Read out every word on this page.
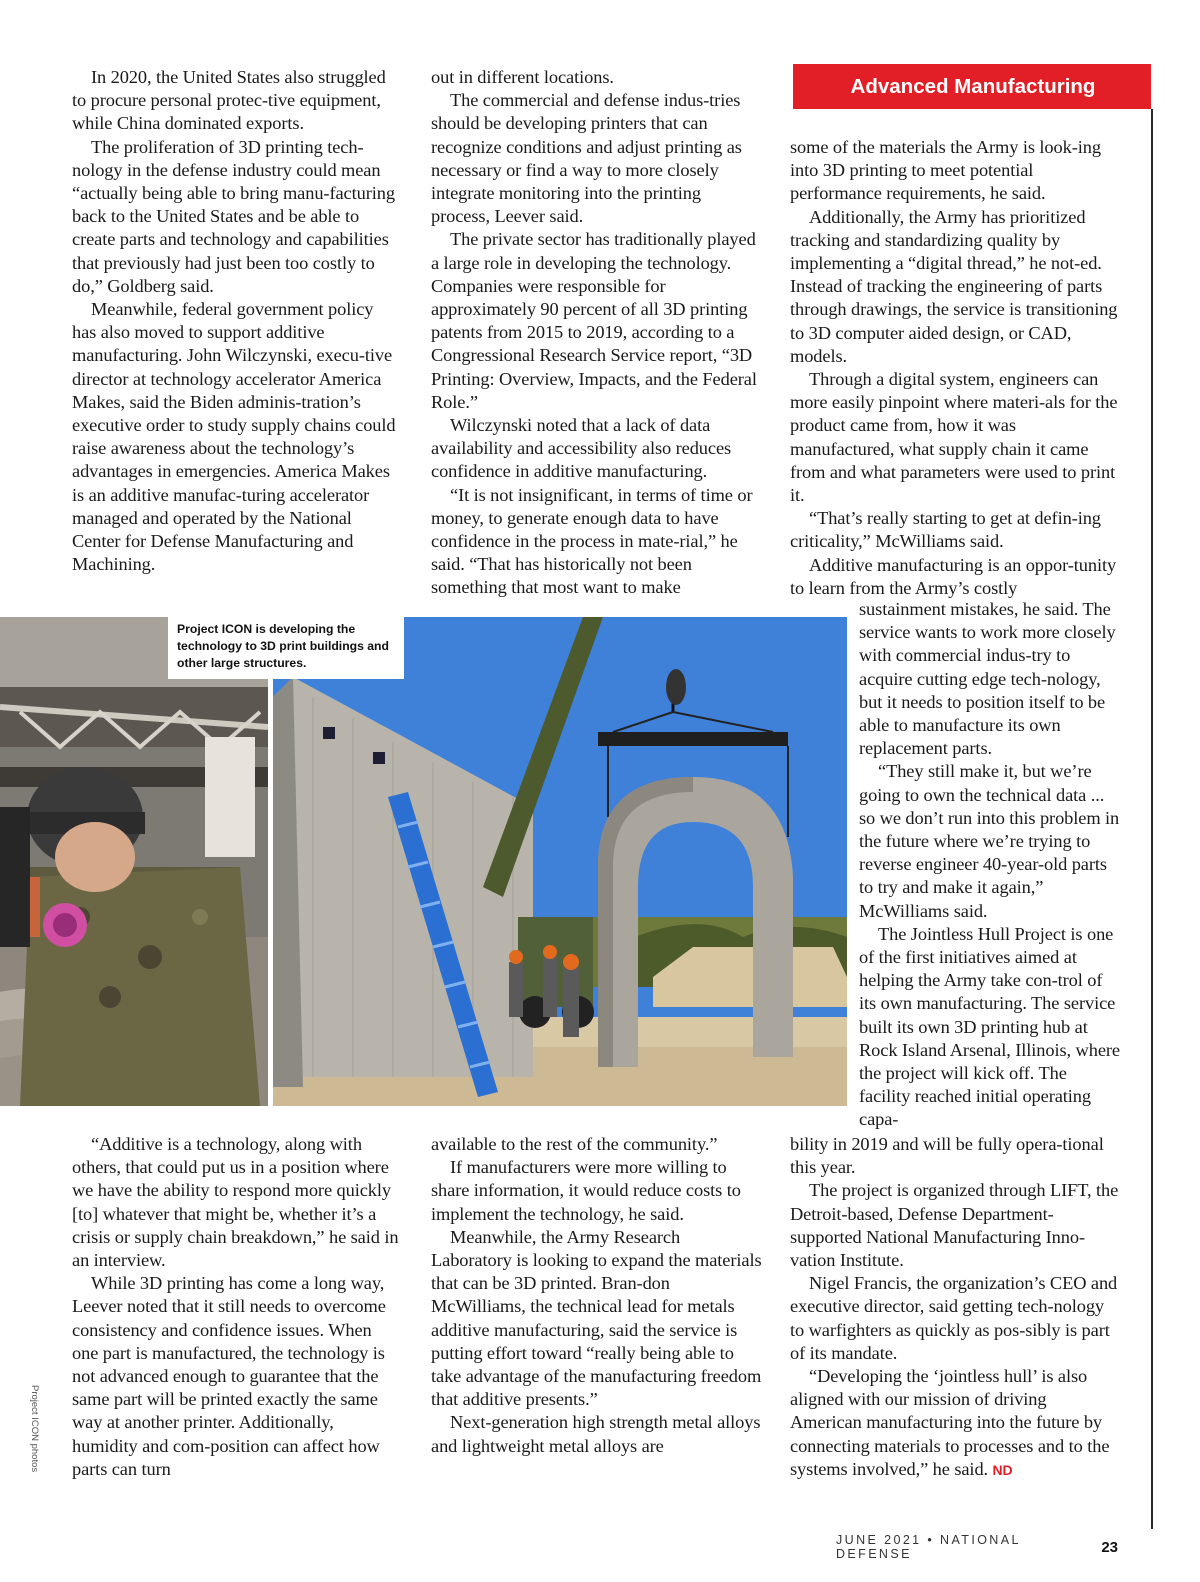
Advanced Manufacturing

In 2020, the United States also struggled to procure personal protec-tive equipment, while China dominated exports.

The proliferation of 3D printing tech-nology in the defense industry could mean “actually being able to bring manu-facturing back to the United States and be able to create parts and technology and capabilities that previously had just been too costly to do,” Goldberg said.

Meanwhile, federal government policy has also moved to support additive manufacturing. John Wilczynski, execu-tive director at technology accelerator America Makes, said the Biden adminis-tration’s executive order to study supply chains could raise awareness about the technology’s advantages in emergencies. America Makes is an additive manufac-turing accelerator managed and operated by the National Center for Defense Manufacturing and Machining.

out in different locations.

The commercial and defense indus-tries should be developing printers that can recognize conditions and adjust printing as necessary or find a way to more closely integrate monitoring into the printing process, Leever said.

The private sector has traditionally played a large role in developing the technology. Companies were responsible for approximately 90 percent of all 3D printing patents from 2015 to 2019, according to a Congressional Research Service report, “3D Printing: Overview, Impacts, and the Federal Role.”

Wilczynski noted that a lack of data availability and accessibility also reduces confidence in additive manufacturing.

“It is not insignificant, in terms of time or money, to generate enough data to have confidence in the process in mate-rial,” he said. “That has historically not been something that most want to make

some of the materials the Army is look-ing into 3D printing to meet potential performance requirements, he said.

Additionally, the Army has prioritized tracking and standardizing quality by implementing a “digital thread,” he not-ed. Instead of tracking the engineering of parts through drawings, the service is transitioning to 3D computer aided design, or CAD, models.

Through a digital system, engineers can more easily pinpoint where materi-als for the product came from, how it was manufactured, what supply chain it came from and what parameters were used to print it.

“That’s really starting to get at defin-ing criticality,” McWilliams said.

Additive manufacturing is an oppor-tunity to learn from the Army’s costly

sustainment mistakes, he said. The service wants to work more closely with commercial indus-try to acquire cutting edge tech-nology, but it needs to position itself to be able to manufacture its own replacement parts.

“They still make it, but we’re going to own the technical data ... so we don’t run into this problem in the future where we’re trying to reverse engineer 40-year-old parts to try and make it again,” McWilliams said.

The Jointless Hull Project is one of the first initiatives aimed at helping the Army take con-trol of its own manufacturing. The service built its own 3D printing hub at Rock Island Arsenal, Illinois, where the project will kick off. The facility reached initial operating capa-

Project ICON is developing the technology to 3D print buildings and other large structures.

“Additive is a technology, along with others, that could put us in a position where we have the ability to respond more quickly [to] whatever that might be, whether it’s a crisis or supply chain breakdown,” he said in an interview.

While 3D printing has come a long way, Leever noted that it still needs to overcome consistency and confidence issues. When one part is manufactured, the technology is not advanced enough to guarantee that the same part will be printed exactly the same way at another printer. Additionally, humidity and com-position can affect how parts can turn

available to the rest of the community.”

If manufacturers were more willing to share information, it would reduce costs to implement the technology, he said.

Meanwhile, the Army Research Laboratory is looking to expand the materials that can be 3D printed. Bran-don McWilliams, the technical lead for metals additive manufacturing, said the service is putting effort toward “really being able to take advantage of the manufacturing freedom that additive presents.”

Next-generation high strength metal alloys and lightweight metal alloys are

bility in 2019 and will be fully opera-tional this year.

The project is organized through LIFT, the Detroit-based, Defense Department-supported National Manufacturing Inno-vation Institute.

Nigel Francis, the organization’s CEO and executive director, said getting tech-nology to warfighters as quickly as pos-sibly is part of its mandate.

“Developing the ‘jointless hull’ is also aligned with our mission of driving American manufacturing into the future by connecting materials to processes and to the systems involved,” he said. ND

Project ICON photos
JUNE 2021 • NATIONAL DEFENSE	23
